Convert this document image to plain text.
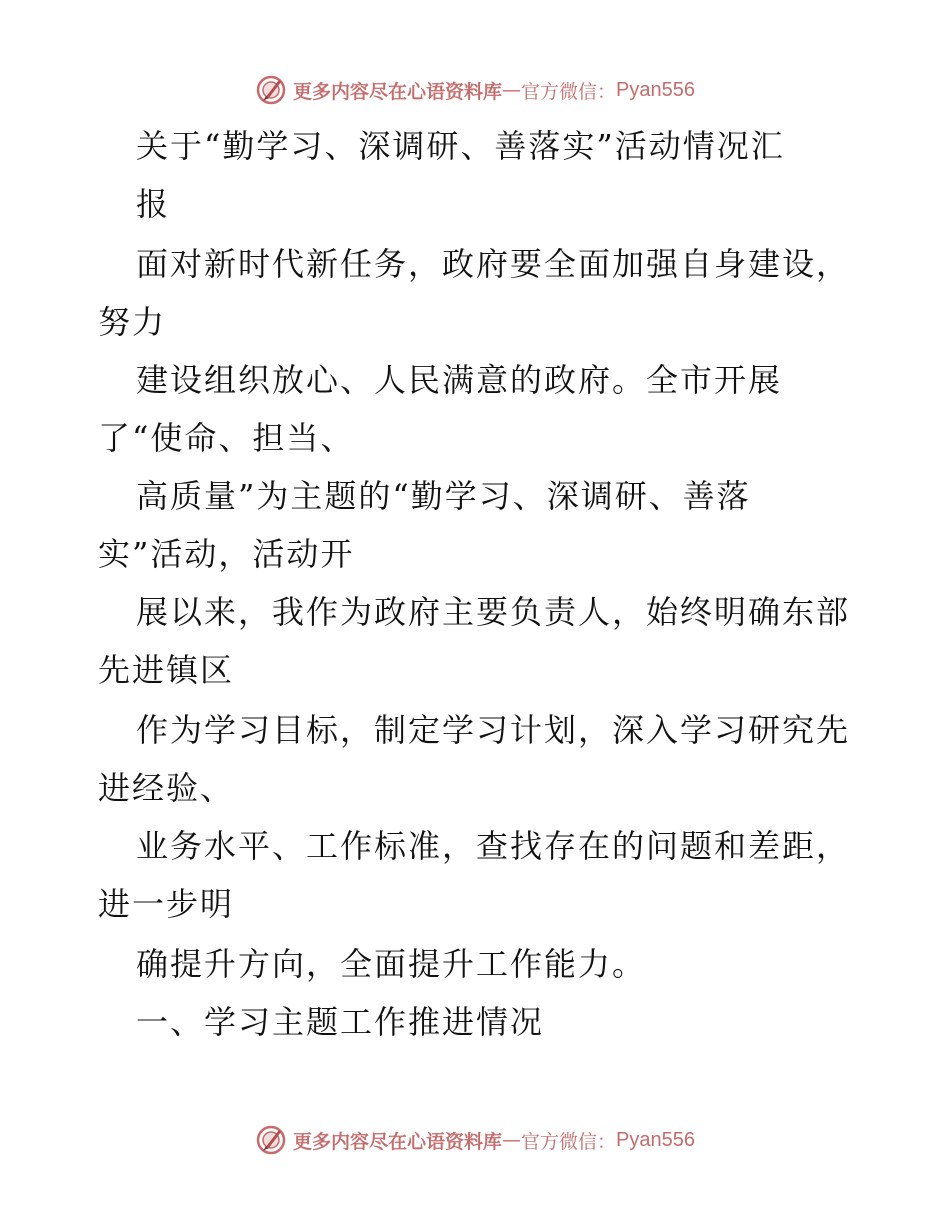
更多内容尽在心语资料库 — 官方微信： Pyan556
关于“勤学习、深调研、善落实”活动情况汇
报
面对新时代新任务，政府要全面加强自身建设，
努力
建设组织放心、人民满意的政府。全市开展
了“使命、担当、
高质量”为主题的“勤学习、深调研、善落
实”活动，活动开
展以来，我作为政府主要负责人，始终明确东部
先进镇区
作为学习目标，制定学习计划，深入学习研究先
进经验、
业务水平、工作标准，查找存在的问题和差距，
进一步明
确提升方向，全面提升工作能力。
一、学习主题工作推进情况
更多内容尽在心语资料库 — 官方微信： Pyan556
